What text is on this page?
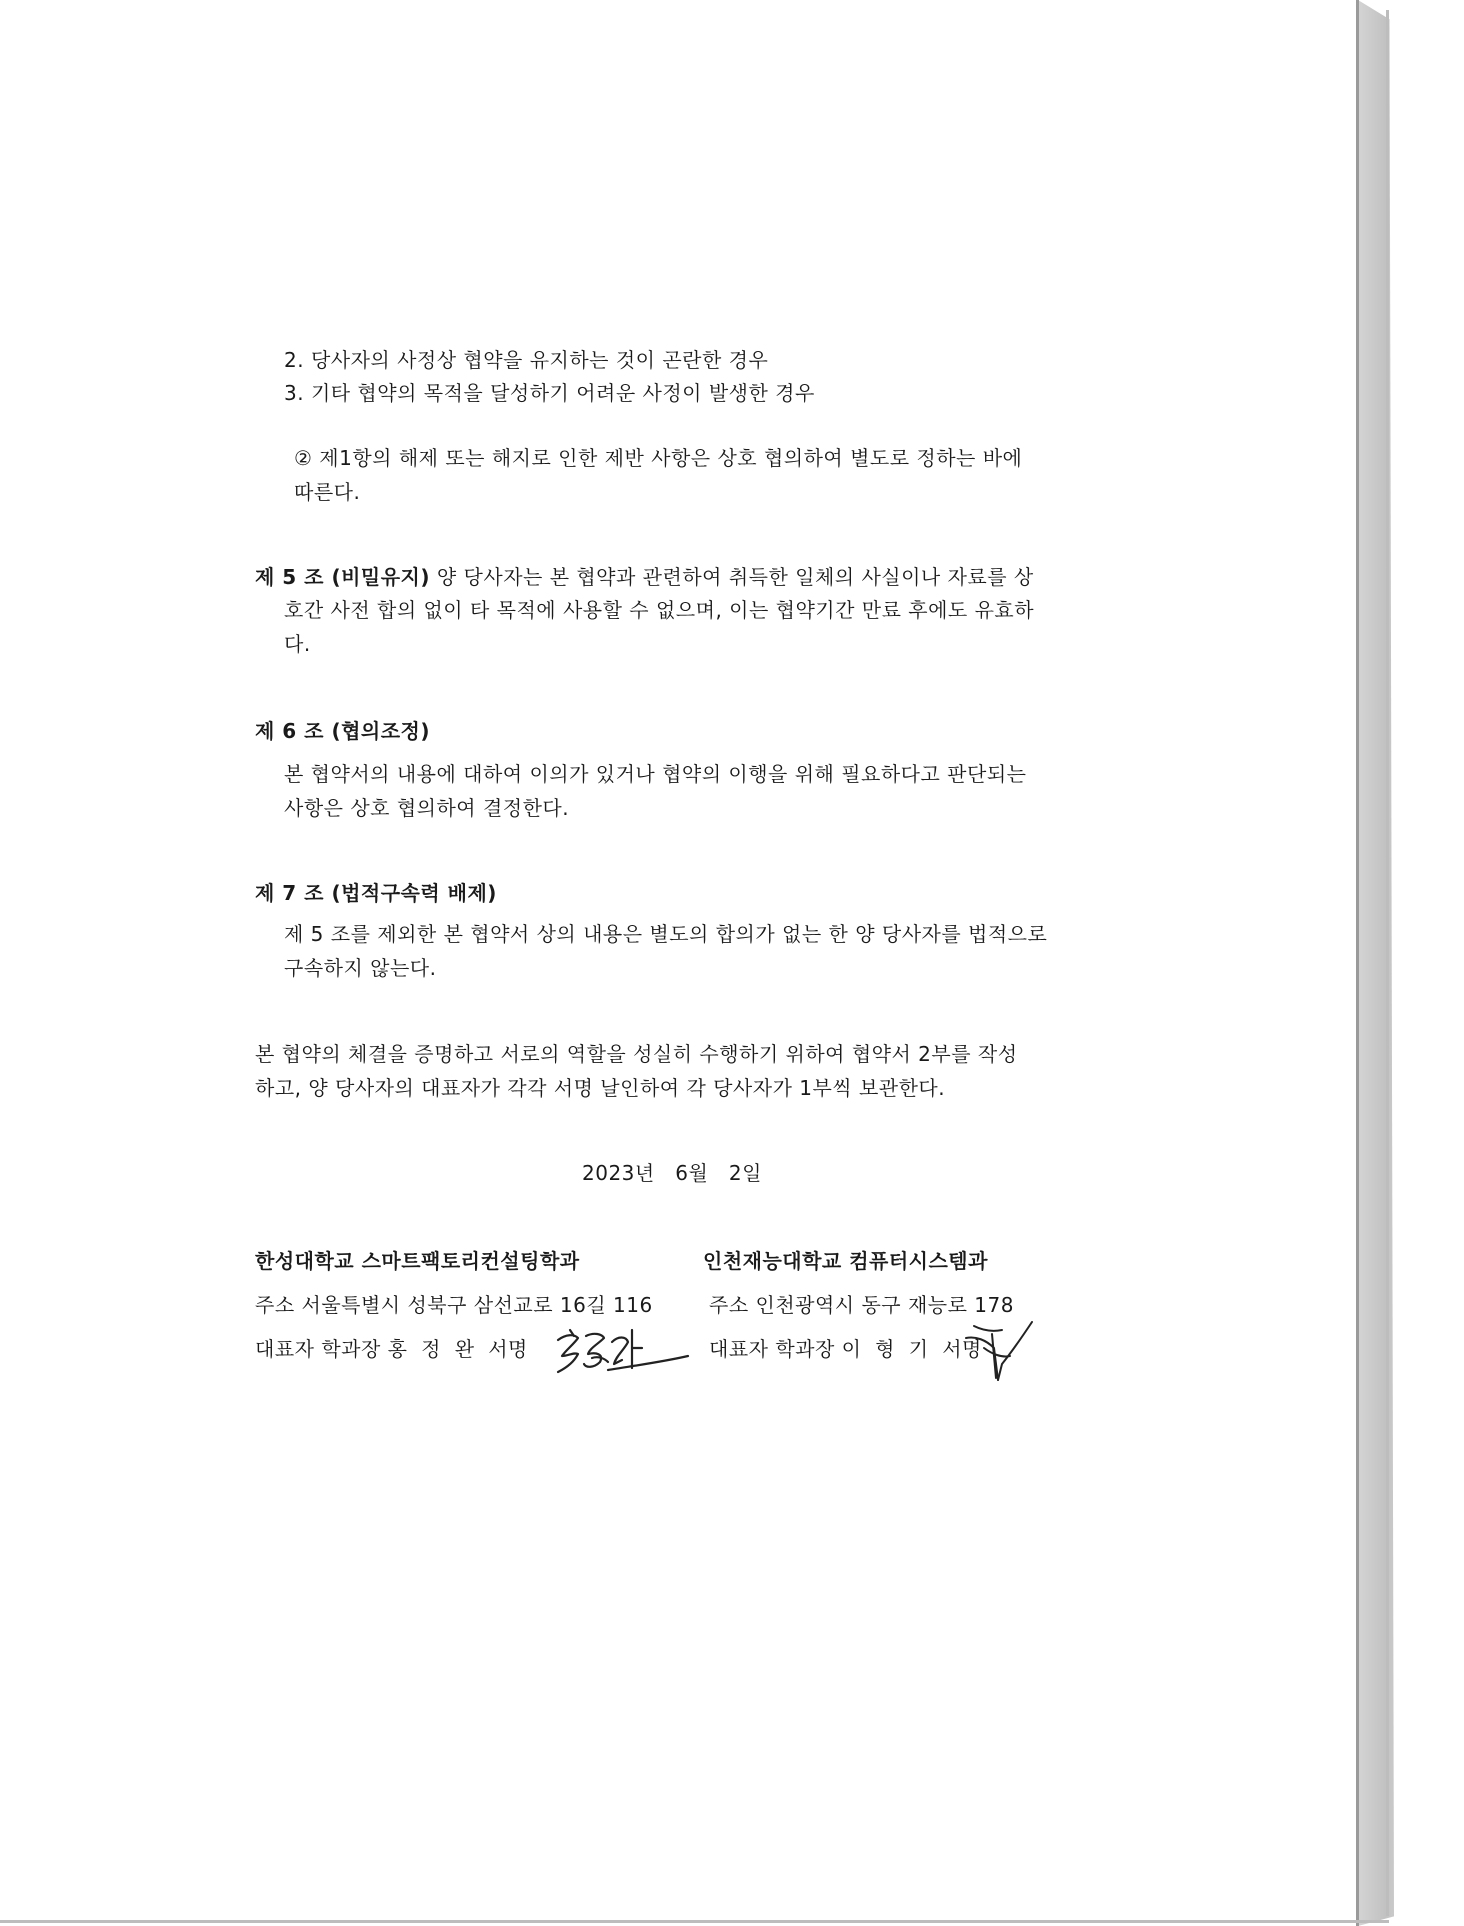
2. 당사자의 사정상 협약을 유지하는 것이 곤란한 경우
3. 기타 협약의 목적을 달성하기 어려운 사정이 발생한 경우
② 제1항의 해제 또는 해지로 인한 제반 사항은 상호 협의하여 별도로 정하는 바에
따른다.
제 5 조 (비밀유지) 양 당사자는 본 협약과 관련하여 취득한 일체의 사실이나 자료를 상
호간 사전 합의 없이 타 목적에 사용할 수 없으며, 이는 협약기간 만료 후에도 유효하
다.
제 6 조 (협의조정)
본 협약서의 내용에 대하여 이의가 있거나 협약의 이행을 위해 필요하다고 판단되는
사항은 상호 협의하여 결정한다.
제 7 조 (법적구속력 배제)
제 5 조를 제외한 본 협약서 상의 내용은 별도의 합의가 없는 한 양 당사자를 법적으로
구속하지 않는다.
본 협약의 체결을 증명하고 서로의 역할을 성실히 수행하기 위하여 협약서 2부를 작성
하고, 양 당사자의 대표자가 각각 서명 날인하여 각 당사자가 1부씩 보관한다.
2023년 6월 2일
한성대학교 스마트팩토리컨설팅학과
주소 서울특별시 성북구 삼선교로 16길 116
대표자 학과장 홍  정  완  서명
인천재능대학교 컴퓨터시스템과
주소 인천광역시 동구 재능로 178
대표자 학과장 이  형  기  서명
